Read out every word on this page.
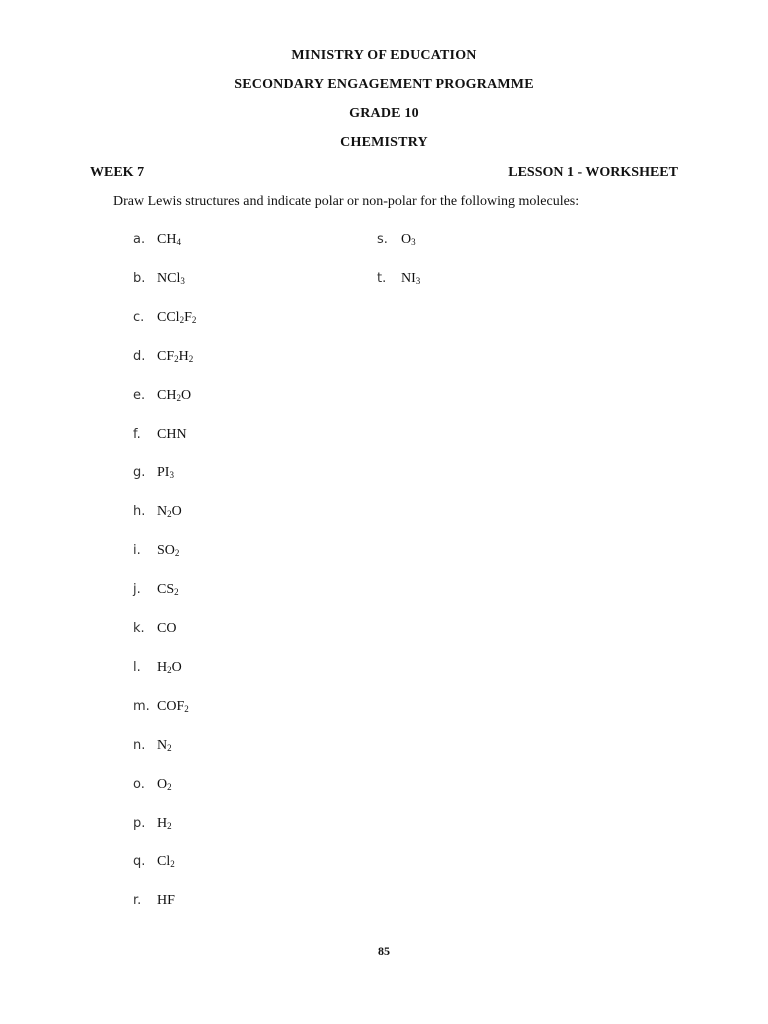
MINISTRY OF EDUCATION
SECONDARY ENGAGEMENT PROGRAMME
GRADE 10
CHEMISTRY
WEEK 7	LESSON 1 - WORKSHEET
Draw Lewis structures and indicate polar or non-polar for the following molecules:
a. $CH_4$
b. NCl$_3$
c. $CCl_2F_2$
d. $CF_2H_2$
e. $CH_2O$
f. CHN
g. $PI_3$
h. $N_2O$
i. $SO_2$
j. $CS_2$
k. CO
l. $H_2O$
m. $COF_2$
n. $N_2$
o. $O_2$
p. $H_2$
q. $Cl_2$
r. HF
s. $O_3$
t. $NI_3$
85
